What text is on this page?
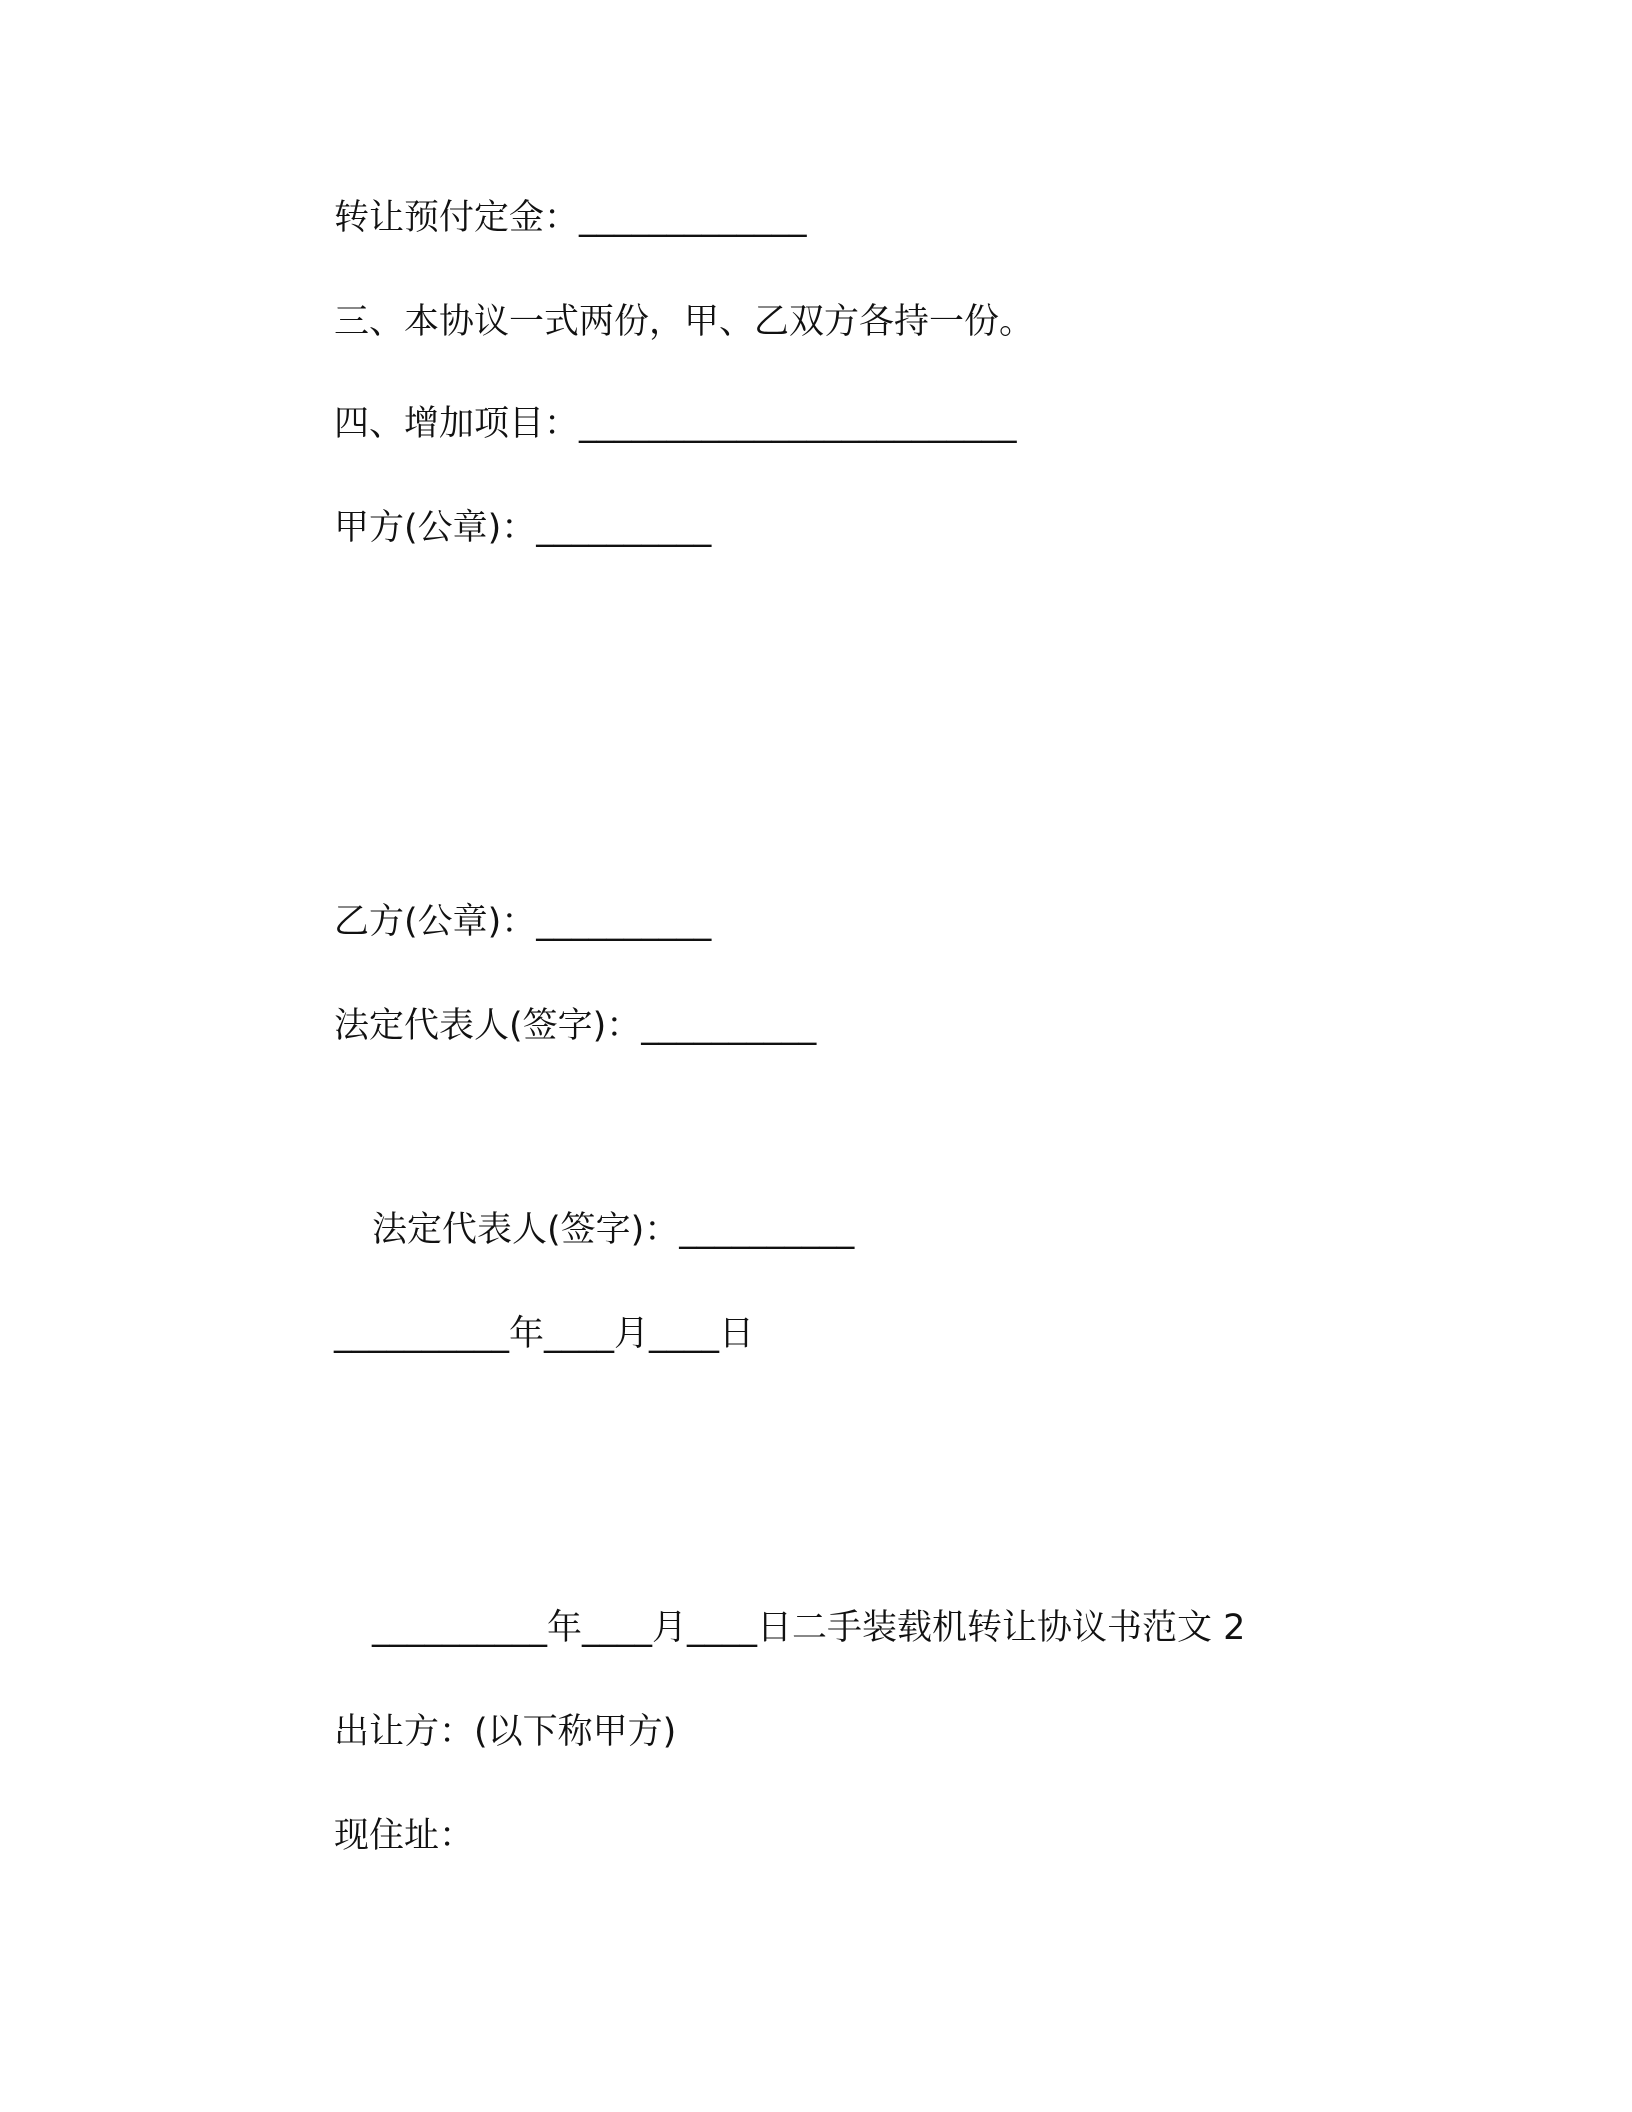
转让预付定金：_____________
三、本协议一式两份，甲、乙双方各持一份。
四、增加项目：_________________________
甲方(公章)：__________
乙方(公章)：__________
法定代表人(签字)：__________
法定代表人(签字)：__________
__________年____月____日
__________年____月____日二手装载机转让协议书范文 2
出让方：(以下称甲方)
现住址：
